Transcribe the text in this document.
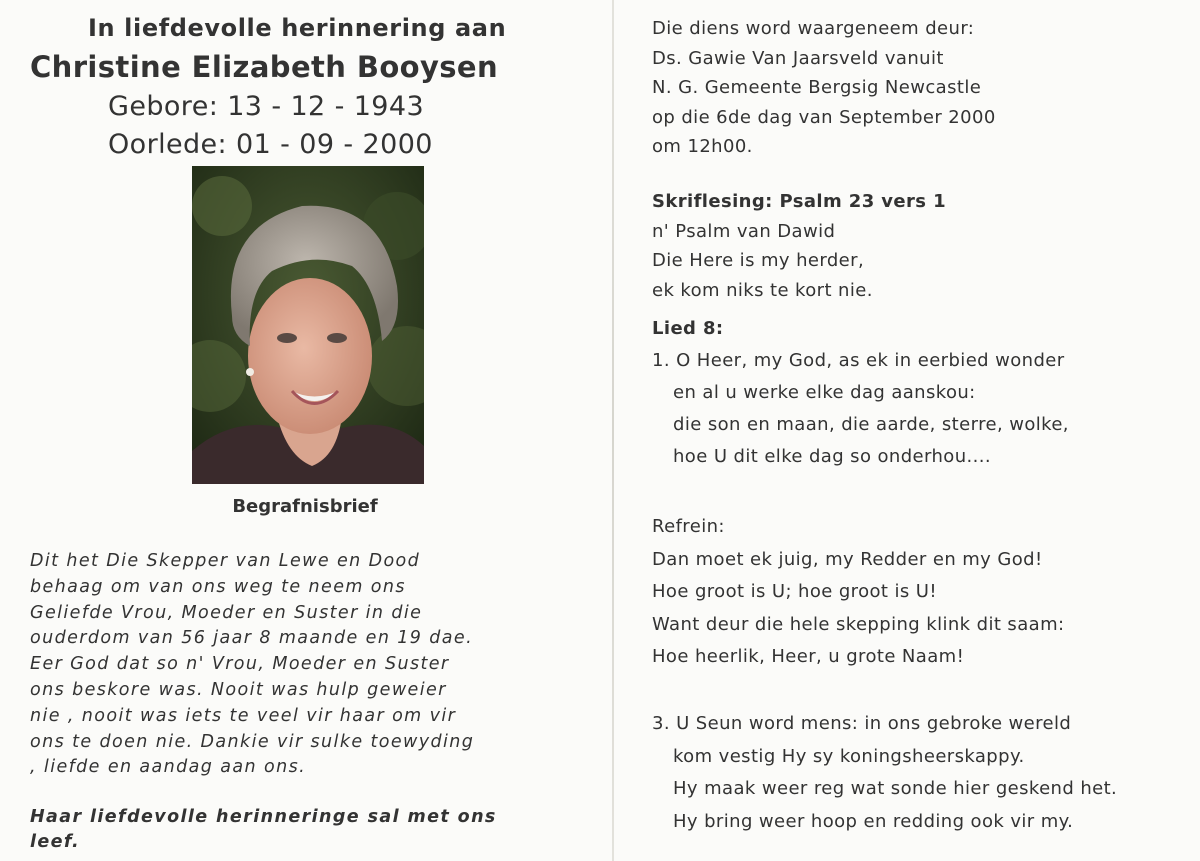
In liefdevolle herinnering aan
Christine Elizabeth Booysen
Gebore: 13 - 12 - 1943
Oorlede: 01 - 09 - 2000
Begrafnisbrief
Dit het Die Skepper van Lewe en Dood
behaag om van ons weg te neem ons
Geliefde Vrou, Moeder en Suster in die
ouderdom van 56 jaar 8 maande en 19 dae.
Eer God dat so n' Vrou, Moeder en Suster
ons beskore was. Nooit was hulp geweier
nie , nooit was iets te veel vir haar om vir
ons te doen nie. Dankie vir sulke toewyding
, liefde en aandag aan ons.
Haar liefdevolle herinneringe sal met ons
leef.
Die diens word waargeneem deur:
Ds. Gawie Van Jaarsveld vanuit
N. G. Gemeente Bergsig Newcastle
op die 6de dag van September 2000
om 12h00.
Skriflesing: Psalm 23 vers 1
n' Psalm van Dawid
Die Here is my herder,
ek kom niks te kort nie.
Lied 8:
1. O Heer, my God, as ek in eerbied wonder
en al u werke elke dag aanskou:
die son en maan, die aarde, sterre, wolke,
hoe U dit elke dag so onderhou....
Refrein:
Dan moet ek juig, my Redder en my God!
Hoe groot is U; hoe groot is U!
Want deur die hele skepping klink dit saam:
Hoe heerlik, Heer, u grote Naam!
3. U Seun word mens: in ons gebroke wereld
kom vestig Hy sy koningsheerskappy.
Hy maak weer reg wat sonde hier geskend het.
Hy bring weer hoop en redding ook vir my.
